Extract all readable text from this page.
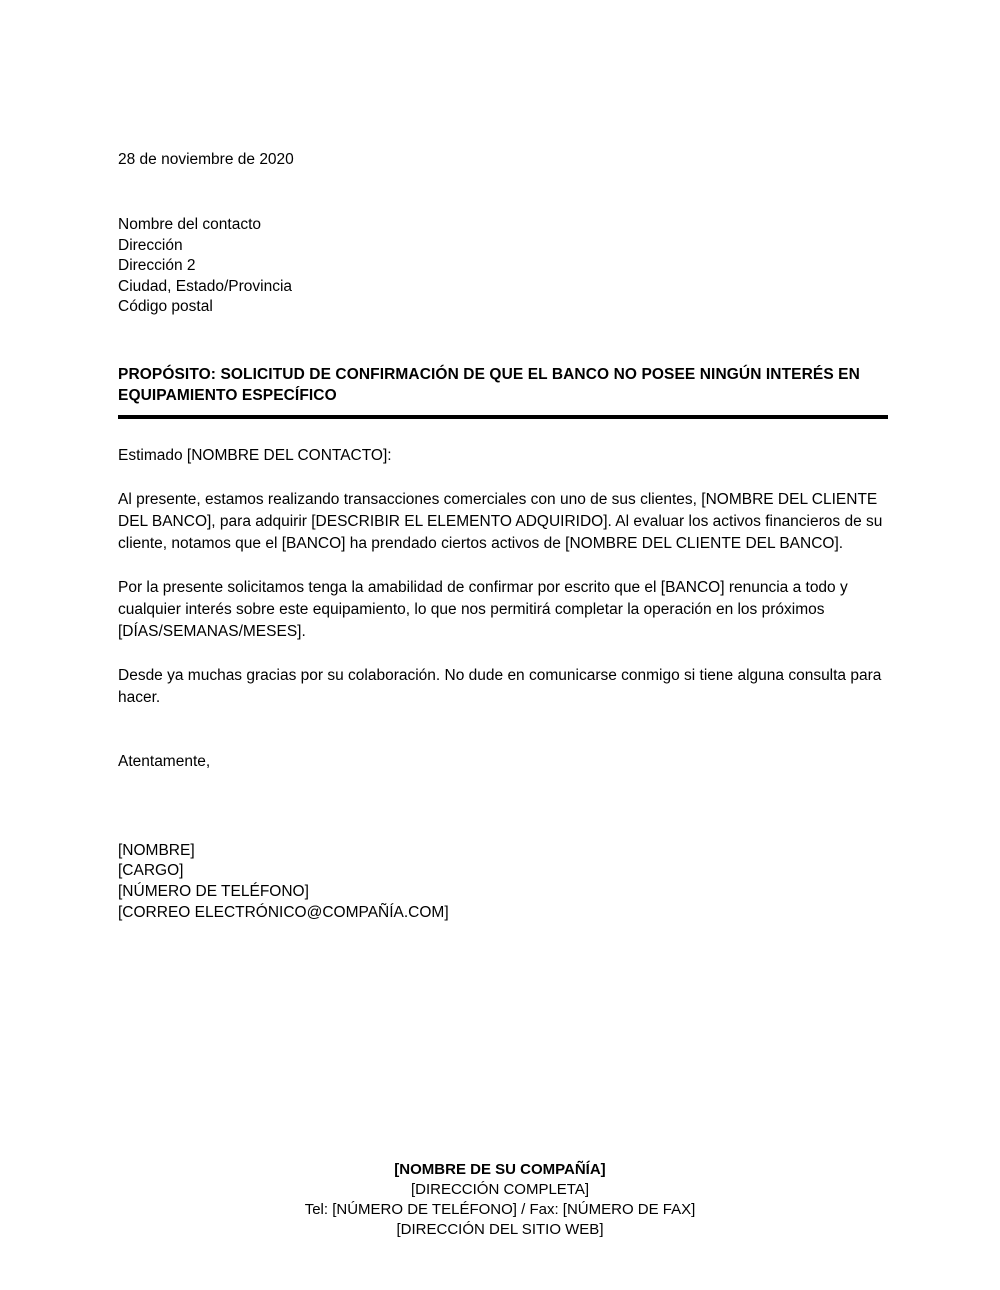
28 de noviembre de 2020
Nombre del contacto
Dirección
Dirección 2
Ciudad, Estado/Provincia
Código postal
PROPÓSITO: SOLICITUD DE CONFIRMACIÓN DE QUE EL BANCO NO POSEE NINGÚN INTERÉS EN EQUIPAMIENTO ESPECÍFICO
Estimado [NOMBRE DEL CONTACTO]:

Al presente, estamos realizando transacciones comerciales con uno de sus clientes, [NOMBRE DEL CLIENTE DEL BANCO], para adquirir [DESCRIBIR EL ELEMENTO ADQUIRIDO]. Al evaluar los activos financieros de su cliente, notamos que el [BANCO] ha prendado ciertos activos de [NOMBRE DEL CLIENTE DEL BANCO].

Por la presente solicitamos tenga la amabilidad de confirmar por escrito que el [BANCO] renuncia a todo y cualquier interés sobre este equipamiento, lo que nos permitirá completar la operación en los próximos [DÍAS/SEMANAS/MESES].

Desde ya muchas gracias por su colaboración. No dude en comunicarse conmigo si tiene alguna consulta para hacer.

Atentamente,
[NOMBRE]
[CARGO]
[NÚMERO DE TELÉFONO]
[CORREO ELECTRÓNICO@COMPAÑÍA.COM]
[NOMBRE DE SU COMPAÑÍA]
[DIRECCIÓN COMPLETA]
Tel: [NÚMERO DE TELÉFONO] / Fax: [NÚMERO DE FAX]
[DIRECCIÓN DEL SITIO WEB]
